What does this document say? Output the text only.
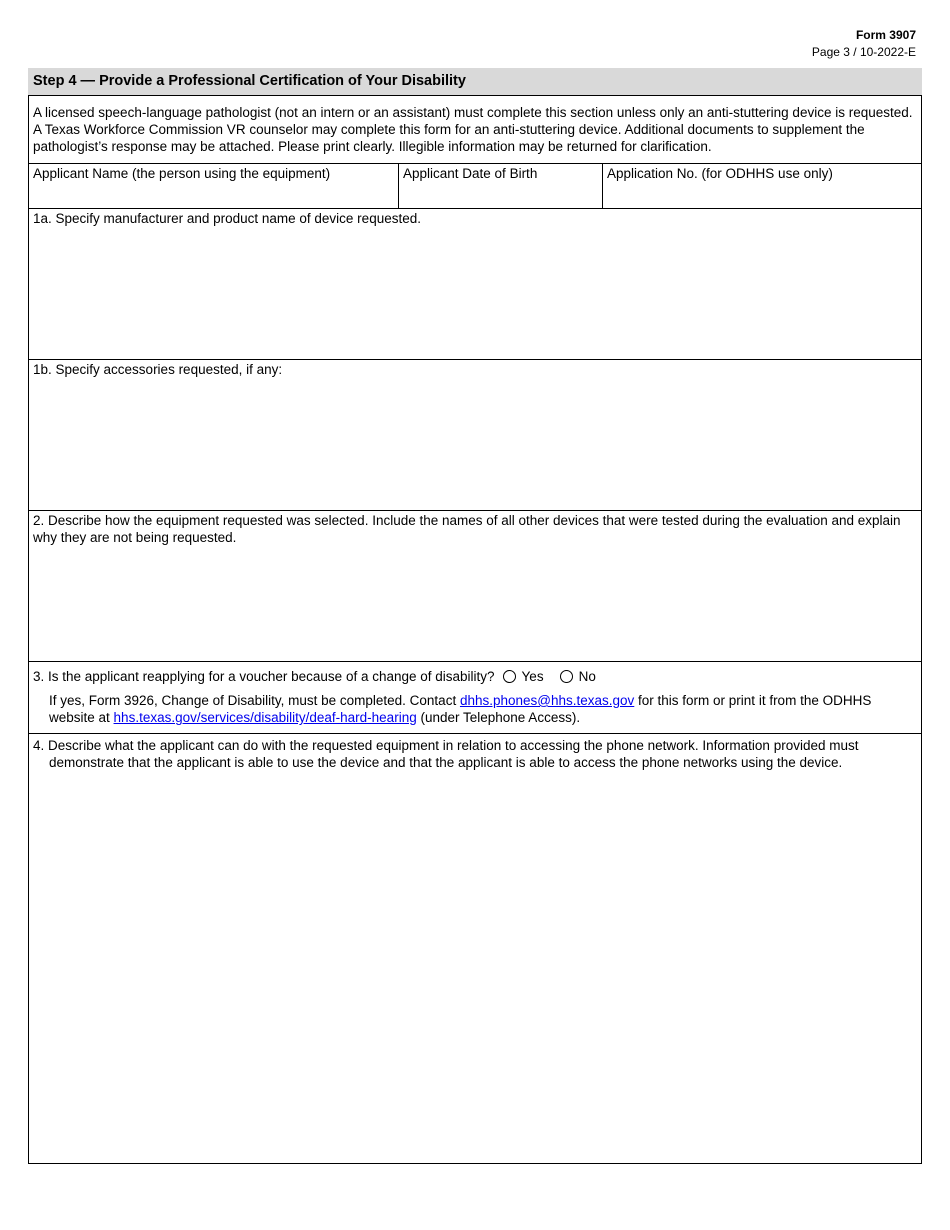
Form 3907
Page 3 / 10-2022-E
Step 4 — Provide a Professional Certification of Your Disability
A licensed speech-language pathologist (not an intern or an assistant) must complete this section unless only an anti-stuttering device is requested. A Texas Workforce Commission VR counselor may complete this form for an anti-stuttering device. Additional documents to supplement the pathologist’s response may be attached. Please print clearly. Illegible information may be returned for clarification.
Applicant Name (the person using the equipment)	Applicant Date of Birth	Application No. (for ODHHS use only)
1a. Specify manufacturer and product name of device requested.
1b. Specify accessories requested, if any:
2. Describe how the equipment requested was selected. Include the names of all other devices that were tested during the evaluation and explain why they are not being requested.
3. Is the applicant reapplying for a voucher because of a change of disability? Yes	No
If yes, Form 3926, Change of Disability, must be completed. Contact dhhs.phones@hhs.texas.gov for this form or print it from the ODHHS website at hhs.texas.gov/services/disability/deaf-hard-hearing (under Telephone Access).
4. Describe what the applicant can do with the requested equipment in relation to accessing the phone network. Information provided must demonstrate that the applicant is able to use the device and that the applicant is able to access the phone networks using the device.
